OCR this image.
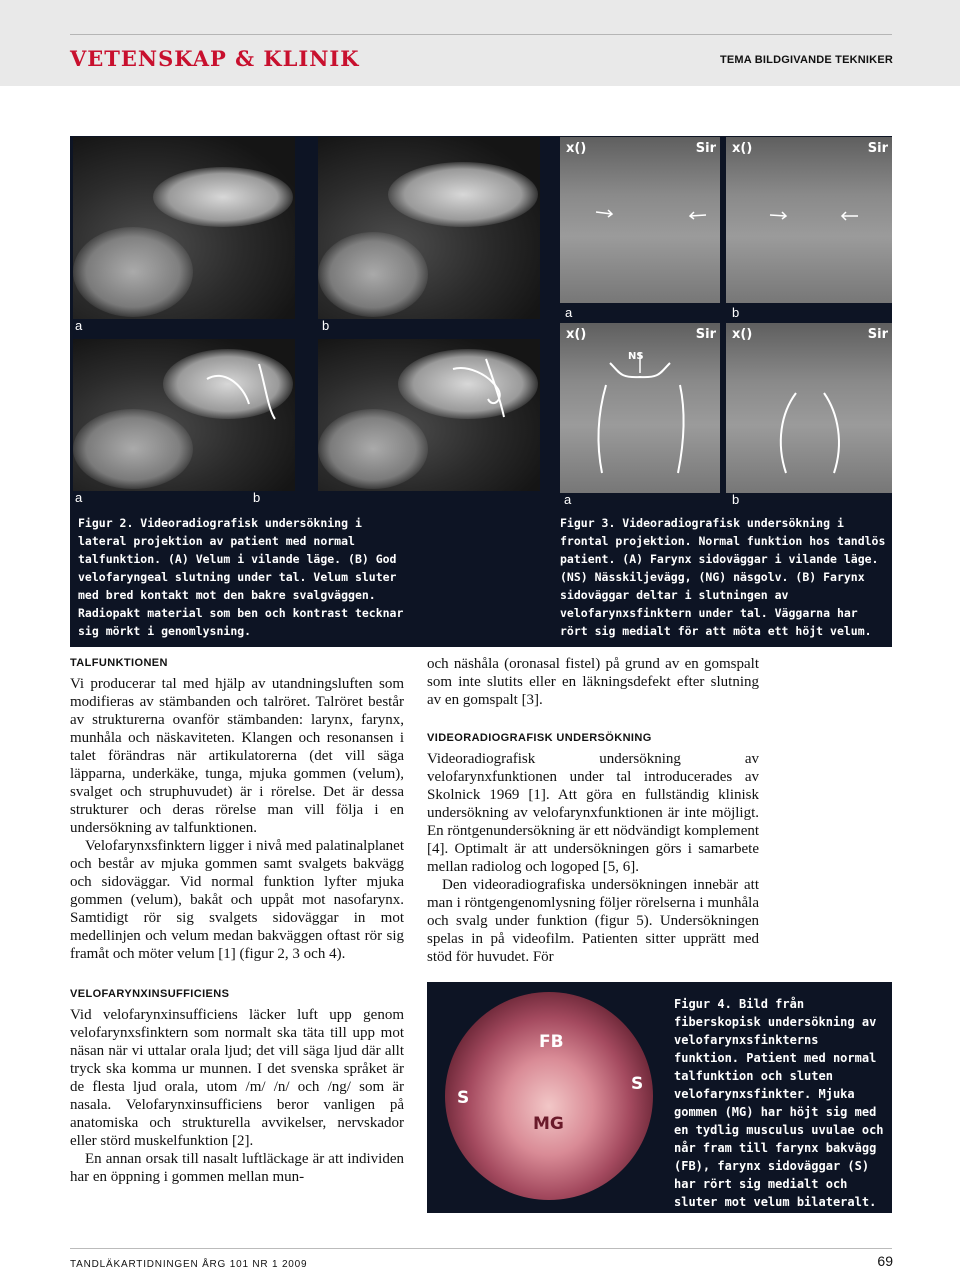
VETENSKAP & KLINIK	TEMA BILDGIVANDE TEKNIKER
a	b
a	b
x()	Sir x()	Sir
a	b
x()	Sir
NS
x()	Sir
a	b
Figur 2. Videoradiografisk undersökning i lateral projektion av patient med normal talfunktion. (A) Velum i vilande läge. (B) God velofaryngeal slutning under tal. Velum sluter med bred kontakt mot den bakre svalgväggen. Radiopakt material som ben och kontrast tecknar sig mörkt i genomlysning.
Figur 3. Videoradiografisk undersökning i frontal projektion. Normal funktion hos tandlös patient. (A) Farynx sidoväggar i vilande läge. (NS) Nässkiljevägg, (NG) näsgolv. (B) Farynx sidoväggar deltar i slutningen av velofarynxsfinktern under tal. Väggarna har rört sig medialt för att möta ett höjt velum.
TALFUNKTIONEN

Vi producerar tal med hjälp av utandningsluften som modifieras av stämbanden och talröret. Talröret består av strukturerna ovanför stämbanden: larynx, farynx, munhåla och näskaviteten. Klangen och resonansen i talet förändras när artikulatorerna (det vill säga läpparna, underkäke, tunga, mjuka gommen (velum), svalget och struphuvudet) är i rörelse. Det är dessa strukturer och deras rörelse man vill följa i en undersökning av talfunktionen.

Velofarynxsfinktern ligger i nivå med palatinalplanet och består av mjuka gommen samt svalgets bakvägg och sidoväggar. Vid normal funktion lyfter mjuka gommen (velum), bakåt och uppåt mot nasofarynx. Samtidigt rör sig svalgets sidoväggar in mot medellinjen och velum medan bakväggen oftast rör sig framåt och möter velum [1] (figur 2, 3 och 4).

VELOFARYNXINSUFFICIENS

Vid velofarynxinsufficiens läcker luft upp genom velofarynxsfinktern som normalt ska täta till upp mot näsan när vi uttalar orala ljud; det vill säga ljud där allt tryck ska komma ur munnen. I det svenska språket är de flesta ljud orala, utom /m/ /n/ och /ng/ som är nasala. Velofarynxinsufficiens beror vanligen på anatomiska och strukturella avvikelser, nervskador eller störd muskelfunktion [2].

En annan orsak till nasalt luftläckage är att individen har en öppning i gommen mellan mun-

och näshåla (oronasal fistel) på grund av en gomspalt som inte slutits eller en läkningsdefekt efter slutning av en gomspalt [3].

VIDEORADIOGRAFISK UNDERSÖKNING

Videoradiografisk undersökning av velofarynxfunktionen under tal introducerades av Skolnick 1969 [1]. Att göra en fullständig klinisk undersökning av velofarynxfunktionen är inte möjligt. En röntgenundersökning är ett nödvändigt komplement [4]. Optimalt är att undersökningen görs i samarbete mellan radiolog och logoped [5, 6].

Den videoradiografiska undersökningen innebär att man i röntgengenomlysning följer rörelserna i munhåla och svalg under funktion (figur 5). Undersökningen spelas in på videofilm. Patienten sitter upprätt med stöd för huvudet. För

FB
S
S
MG
Figur 4. Bild från fiberskopisk undersökning av velofarynxsfinkterns funktion. Patient med normal talfunktion och sluten velofarynxsfinkter. Mjuka gommen (MG) har höjt sig med en tydlig musculus uvulae och når fram till farynx bakvägg (FB), farynx sidoväggar (S) har rört sig medialt och sluter mot velum bilateralt.
TANDLÄKARTIDNINGEN ÅRG 101 NR 1 2009	69
